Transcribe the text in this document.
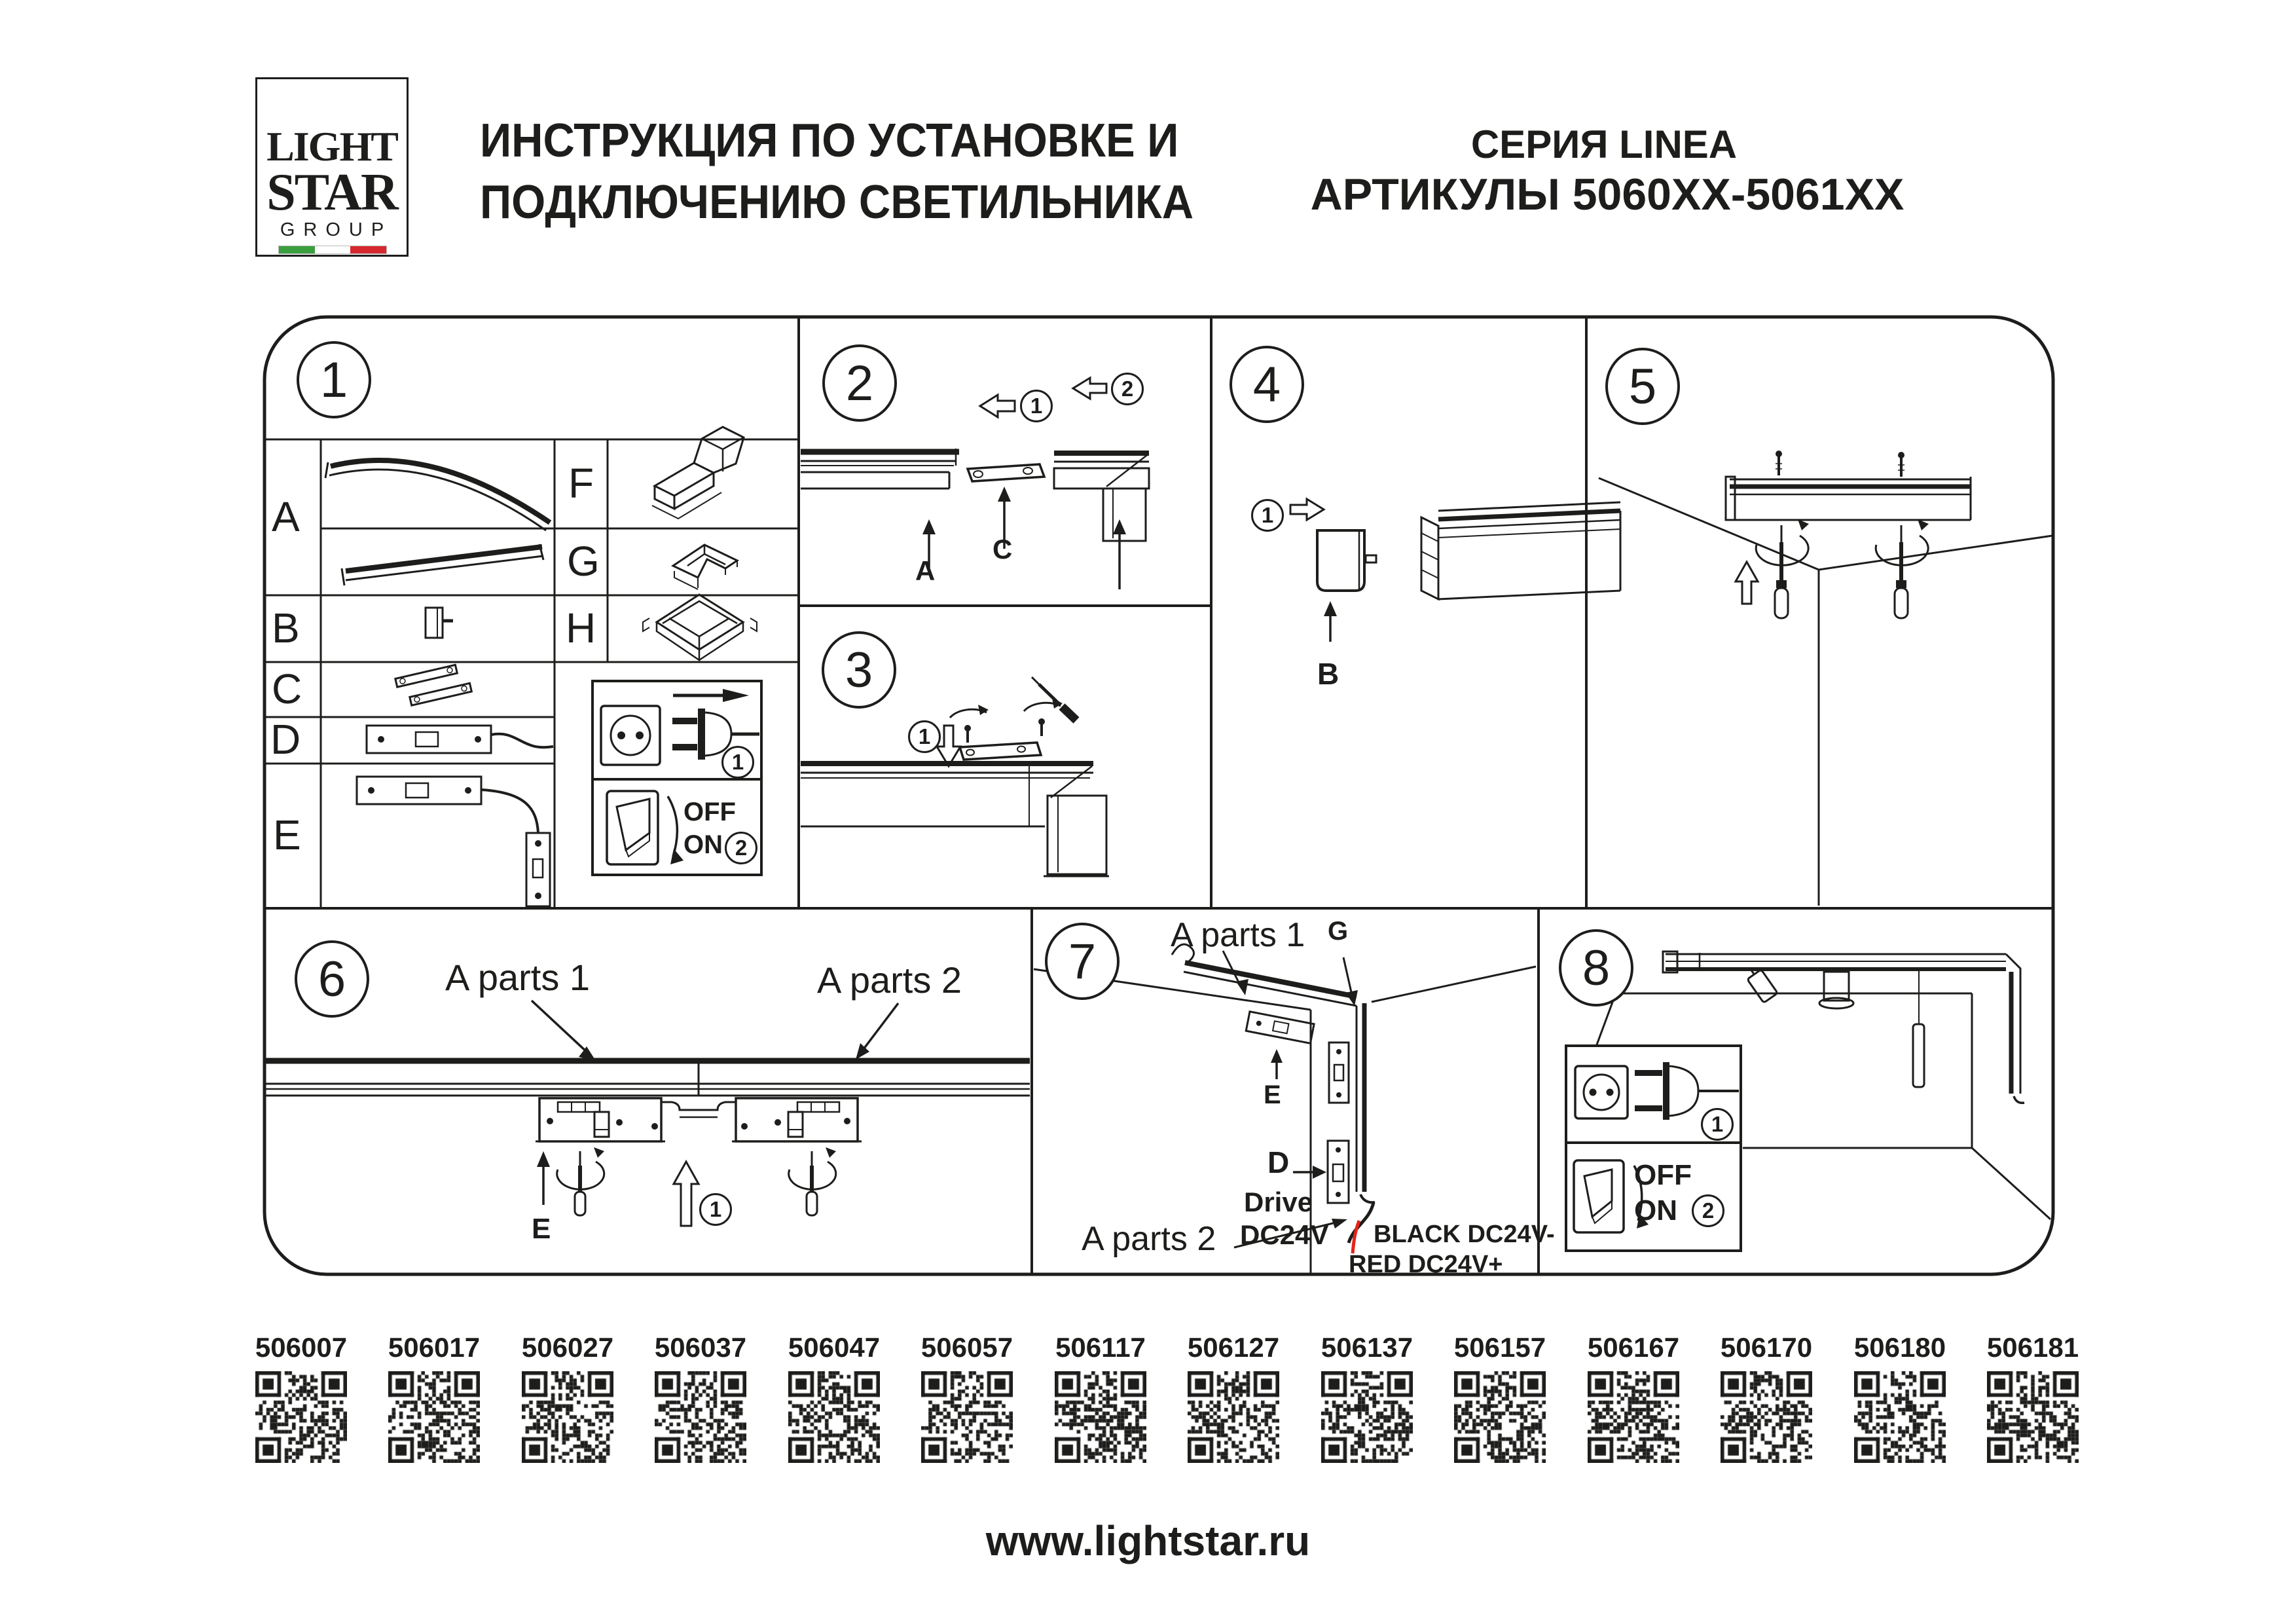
LIGHT
STAR
GROUP
ИНСТРУКЦИЯ ПО УСТАНОВКЕ И
ПОДКЛЮЧЕНИЮ СВЕТИЛЬНИКА
СЕРИЯ LINEA
АРТИКУЛЫ 5060XX-5061XX
1	2
3
4	5
6	7	8
1
2
1
2
1
1
1
1
2
A
B
C
D
E
F
G
H
OFF
ON
A
C
B
A parts 1	A parts 2
E
A parts 1 G
E
D
Drive
DC24V
A parts 2	BLACK DC24V-
RED DC24V+
OFF
ON
506007	506017	506027	506037	506047	506057	506117	506127	506137	506157	506167	506170	506180	506181
www.lightstar.ru
